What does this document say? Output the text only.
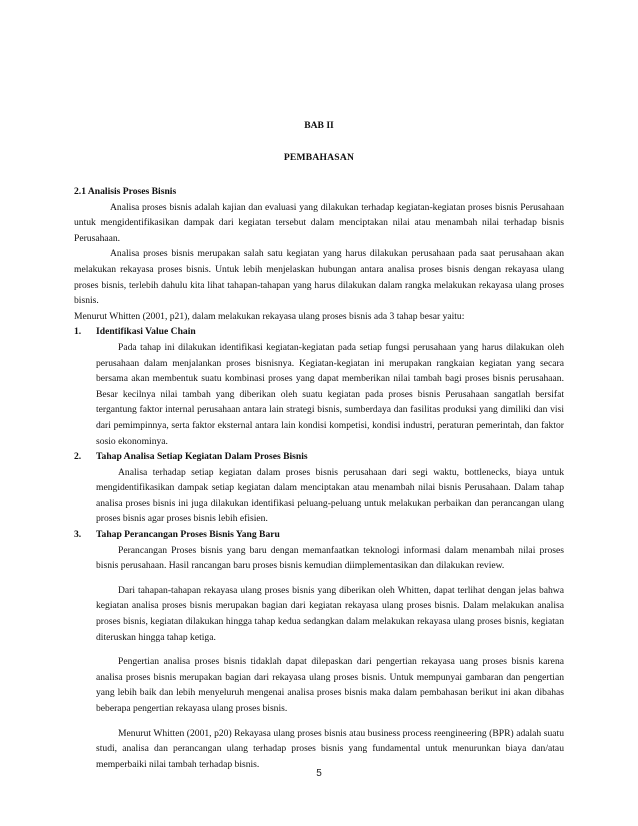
BAB II
PEMBAHASAN

2.1 Analisis Proses Bisnis

Analisa proses bisnis adalah kajian dan evaluasi yang dilakukan terhadap kegiatan-kegiatan proses bisnis Perusahaan untuk mengidentifikasikan dampak dari kegiatan tersebut dalam menciptakan nilai atau menambah nilai terhadap bisnis Perusahaan.

Analisa proses bisnis merupakan salah satu kegiatan yang harus dilakukan perusahaan pada saat perusahaan akan melakukan rekayasa proses bisnis. Untuk lebih menjelaskan hubungan antara analisa proses bisnis dengan rekayasa ulang proses bisnis, terlebih dahulu kita lihat tahapan-tahapan yang harus dilakukan dalam rangka melakukan rekayasa ulang proses bisnis.

Menurut Whitten (2001, p21), dalam melakukan rekayasa ulang proses bisnis ada 3 tahap besar yaitu:

1. Identifikasi Value Chain

Pada tahap ini dilakukan identifikasi kegiatan-kegiatan pada setiap fungsi perusahaan yang harus dilakukan oleh perusahaan dalam menjalankan proses bisnisnya. Kegiatan-kegiatan ini merupakan rangkaian kegiatan yang secara bersama akan membentuk suatu kombinasi proses yang dapat memberikan nilai tambah bagi proses bisnis perusahaan. Besar kecilnya nilai tambah yang diberikan oleh suatu kegiatan pada proses bisnis Perusahaan sangatlah bersifat tergantung faktor internal perusahaan antara lain strategi bisnis, sumberdaya dan fasilitas produksi yang dimiliki dan visi dari pemimpinnya, serta faktor eksternal antara lain kondisi kompetisi, kondisi industri, peraturan pemerintah, dan faktor sosio ekonominya.

2. Tahap Analisa Setiap Kegiatan Dalam Proses Bisnis

Analisa terhadap setiap kegiatan dalam proses bisnis perusahaan dari segi waktu, bottlenecks, biaya untuk mengidentifikasikan dampak setiap kegiatan dalam menciptakan atau menambah nilai bisnis Perusahaan. Dalam tahap analisa proses bisnis ini juga dilakukan identifikasi peluang-peluang untuk melakukan perbaikan dan perancangan ulang proses bisnis agar proses bisnis lebih efisien.

3. Tahap Perancangan Proses Bisnis Yang Baru

Perancangan Proses bisnis yang baru dengan memanfaatkan teknologi informasi dalam menambah nilai proses bisnis perusahaan. Hasil rancangan baru proses bisnis kemudian diimplementasikan dan dilakukan review.

Dari tahapan-tahapan rekayasa ulang proses bisnis yang diberikan oleh Whitten, dapat terlihat dengan jelas bahwa kegiatan analisa proses bisnis merupakan bagian dari kegiatan rekayasa ulang proses bisnis. Dalam melakukan analisa proses bisnis, kegiatan dilakukan hingga tahap kedua sedangkan dalam melakukan rekayasa ulang proses bisnis, kegiatan diteruskan hingga tahap ketiga.

Pengertian analisa proses bisnis tidaklah dapat dilepaskan dari pengertian rekayasa uang proses bisnis karena analisa proses bisnis merupakan bagian dari rekayasa ulang proses bisnis. Untuk mempunyai gambaran dan pengertian yang lebih baik dan lebih menyeluruh mengenai analisa proses bisnis maka dalam pembahasan berikut ini akan dibahas beberapa pengertian rekayasa ulang proses bisnis.

Menurut Whitten (2001, p20) Rekayasa ulang proses bisnis atau business process reengineering (BPR) adalah suatu studi, analisa dan perancangan ulang terhadap proses bisnis yang fundamental untuk menurunkan biaya dan/atau memperbaiki nilai tambah terhadap bisnis.

5
